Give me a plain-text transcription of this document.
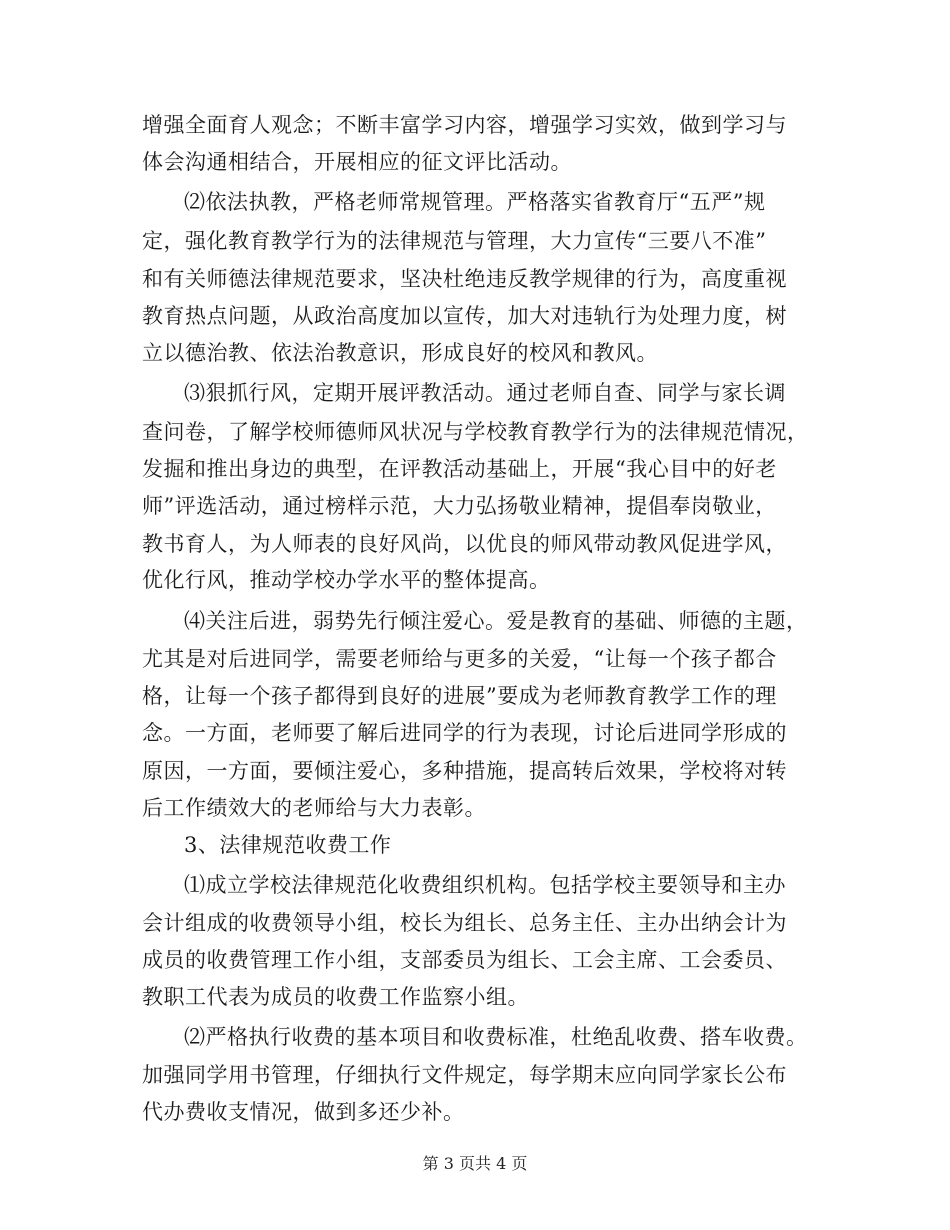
增强全面育人观念；不断丰富学习内容，增强学习实效，做到学习与
体会沟通相结合，开展相应的征文评比活动。
⑵依法执教，严格老师常规管理。严格落实省教育厅“五严”规
定，强化教育教学行为的法律规范与管理，大力宣传“三要八不准”
和有关师德法律规范要求，坚决杜绝违反教学规律的行为，高度重视
教育热点问题，从政治高度加以宣传，加大对违轨行为处理力度，树
立以德治教、依法治教意识，形成良好的校风和教风。
⑶狠抓行风，定期开展评教活动。通过老师自查、同学与家长调
查问卷，了解学校师德师风状况与学校教育教学行为的法律规范情况，
发掘和推出身边的典型，在评教活动基础上，开展“我心目中的好老
师”评选活动，通过榜样示范，大力弘扬敬业精神，提倡奉岗敬业，
教书育人，为人师表的良好风尚，以优良的师风带动教风促进学风，
优化行风，推动学校办学水平的整体提高。
⑷关注后进，弱势先行倾注爱心。爱是教育的基础、师德的主题，
尤其是对后进同学，需要老师给与更多的关爱，“让每一个孩子都合
格，让每一个孩子都得到良好的进展”要成为老师教育教学工作的理
念。一方面，老师要了解后进同学的行为表现，讨论后进同学形成的
原因，一方面，要倾注爱心，多种措施，提高转后效果，学校将对转
后工作绩效大的老师给与大力表彰。
3、法律规范收费工作
⑴成立学校法律规范化收费组织机构。包括学校主要领导和主办
会计组成的收费领导小组，校长为组长、总务主任、主办出纳会计为
成员的收费管理工作小组，支部委员为组长、工会主席、工会委员、
教职工代表为成员的收费工作监察小组。
⑵严格执行收费的基本项目和收费标准，杜绝乱收费、搭车收费。
加强同学用书管理，仔细执行文件规定，每学期末应向同学家长公布
代办费收支情况，做到多还少补。
第 3 页共 4 页
